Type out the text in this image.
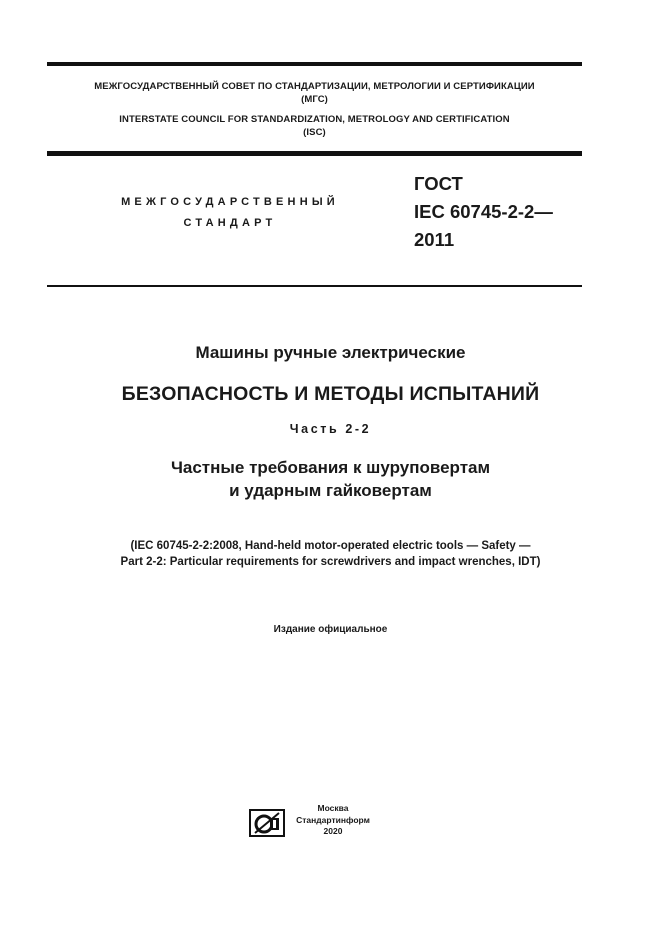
МЕЖГОСУДАРСТВЕННЫЙ СОВЕТ ПО СТАНДАРТИЗАЦИИ, МЕТРОЛОГИИ И СЕРТИФИКАЦИИ
(МГС)
INTERSTATE COUNCIL FOR STANDARDIZATION, METROLOGY AND CERTIFICATION
(ISC)
МЕЖГОСУДАРСТВЕННЫЙ
СТАНДАРТ
ГОСТ
IEC 60745-2-2—
2011
Машины ручные электрические
БЕЗОПАСНОСТЬ И МЕТОДЫ ИСПЫТАНИЙ
Часть 2-2
Частные требования к шуруповертам
и ударным гайковертам
(IEC 60745-2-2:2008, Hand-held motor-operated electric tools — Safety —
Part 2-2: Particular requirements for screwdrivers and impact wrenches, IDT)
Издание официальное
Москва
Стандартинформ
2020
